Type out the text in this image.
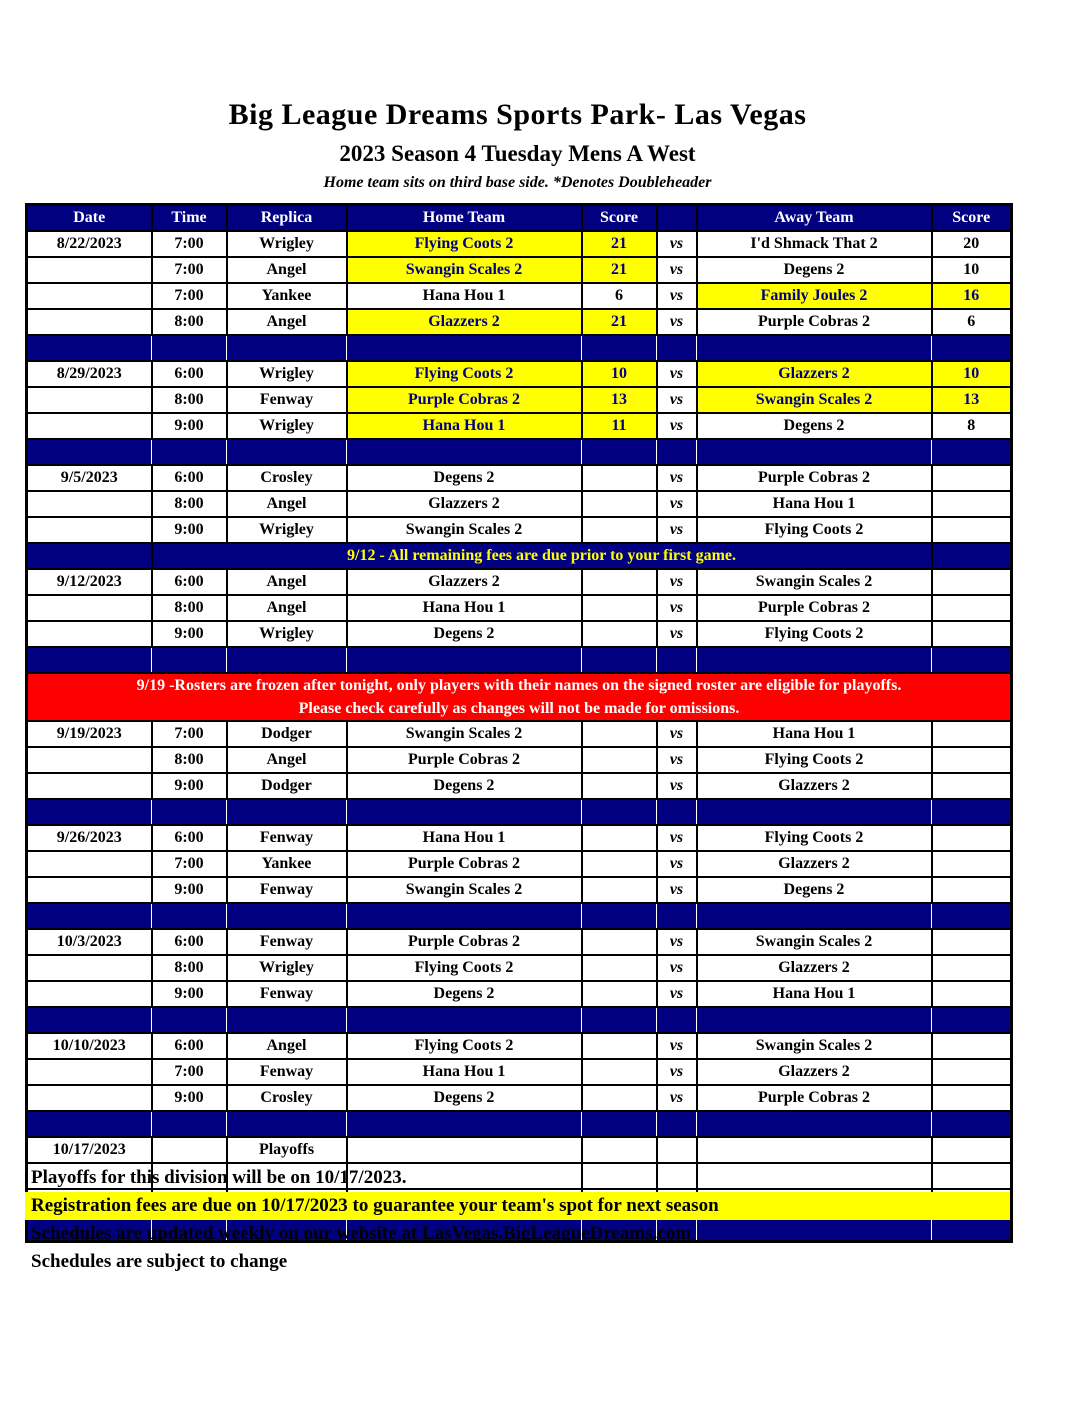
Big League Dreams Sports Park- Las Vegas
2023 Season 4 Tuesday Mens A West
Home team sits on third base side. *Denotes Doubleheader
Date	Time	Replica	Home Team	Score		Away Team	Score
8/22/2023	7:00	Wrigley	Flying Coots 2	21	vs	I'd Shmack That 2	20
	7:00	Angel	Swangin Scales 2	21	vs	Degens 2	10
	7:00	Yankee	Hana Hou 1	6	vs	Family Joules 2	16
	8:00	Angel	Glazzers 2	21	vs	Purple Cobras 2	6

8/29/2023	6:00	Wrigley	Flying Coots 2	10	vs	Glazzers 2	10
	8:00	Fenway	Purple Cobras 2	13	vs	Swangin Scales 2	13
	9:00	Wrigley	Hana Hou 1	11	vs	Degens 2	8

9/5/2023	6:00	Crosley	Degens 2		vs	Purple Cobras 2	
	8:00	Angel	Glazzers 2		vs	Hana Hou 1	
	9:00	Wrigley	Swangin Scales 2		vs	Flying Coots 2	
	9/12 - All remaining fees are due prior to your first game.						
9/12/2023	6:00	Angel	Glazzers 2		vs	Swangin Scales 2	
	8:00	Angel	Hana Hou 1		vs	Purple Cobras 2	
	9:00	Wrigley	Degens 2		vs	Flying Coots 2	

9/19 -Rosters are frozen after tonight, only players with their names on the signed roster are eligible for playoffs.
Please check carefully as changes will not be made for omissions.							

9/19/2023	7:00	Dodger	Swangin Scales 2		vs	Hana Hou 1	
	8:00	Angel	Purple Cobras 2		vs	Flying Coots 2	
	9:00	Dodger	Degens 2		vs	Glazzers 2	

9/26/2023	6:00	Fenway	Hana Hou 1		vs	Flying Coots 2	
	7:00	Yankee	Purple Cobras 2		vs	Glazzers 2	
	9:00	Fenway	Swangin Scales 2		vs	Degens 2	

10/3/2023	6:00	Fenway	Purple Cobras 2		vs	Swangin Scales 2	
	8:00	Wrigley	Flying Coots 2		vs	Glazzers 2	
	9:00	Fenway	Degens 2		vs	Hana Hou 1	

10/10/2023	6:00	Angel	Flying Coots 2		vs	Swangin Scales 2	
	7:00	Fenway	Hana Hou 1		vs	Glazzers 2	
	9:00	Crosley	Degens 2		vs	Purple Cobras 2	

10/17/2023		Playoffs					

Playoffs for this division will be on 10/17/2023.
Registration fees are due on 10/17/2023 to guarantee your team's spot for next season
Schedules are updated weekly on our website at LasVegas.BigLeagueDreams.com
Schedules are subject to change
